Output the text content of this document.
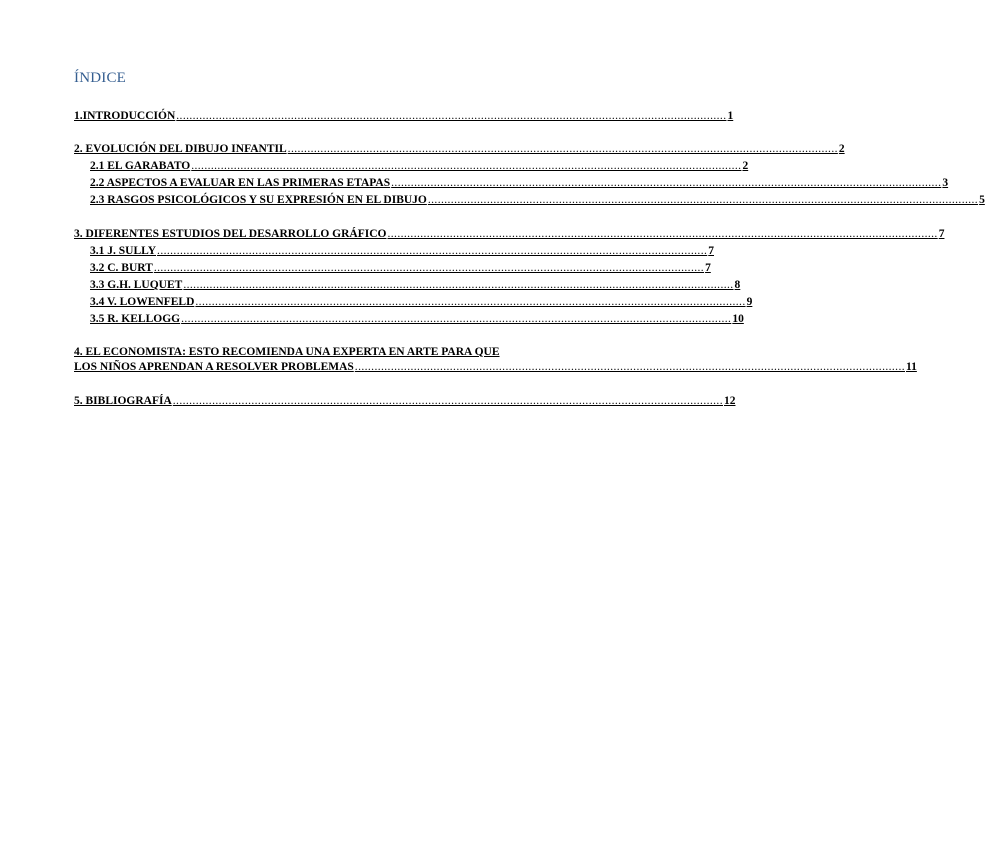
ÍNDICE
1.INTRODUCCIÓN ........................................................................................................................................................................ 1
2. EVOLUCIÓN DEL DIBUJO INFANTIL ........................................................................................................................................................................ 2
2.1 EL GARABATO ........................................................................................................................................................................ 2
2.2 ASPECTOS A EVALUAR EN LAS PRIMERAS ETAPAS ........................................................................................................................................................................ 3
2.3 RASGOS PSICOLÓGICOS Y SU EXPRESIÓN EN EL DIBUJO ........................................................................................................................................................................ 5
3. DIFERENTES ESTUDIOS DEL DESARROLLO GRÁFICO ........................................................................................................................................................................ 7
3.1 J. SULLY ........................................................................................................................................................................ 7
3.2 C. BURT ........................................................................................................................................................................ 7
3.3 G.H. LUQUET ........................................................................................................................................................................ 8
3.4 V. LOWENFELD ........................................................................................................................................................................ 9
3.5 R. KELLOGG ........................................................................................................................................................................ 10
4. EL ECONOMISTA: ESTO RECOMIENDA UNA EXPERTA EN ARTE PARA QUE
LOS NIÑOS APRENDAN A RESOLVER PROBLEMAS ........................................................................................................................................................................ 11
5. BIBLIOGRAFÍA ........................................................................................................................................................................ 12
